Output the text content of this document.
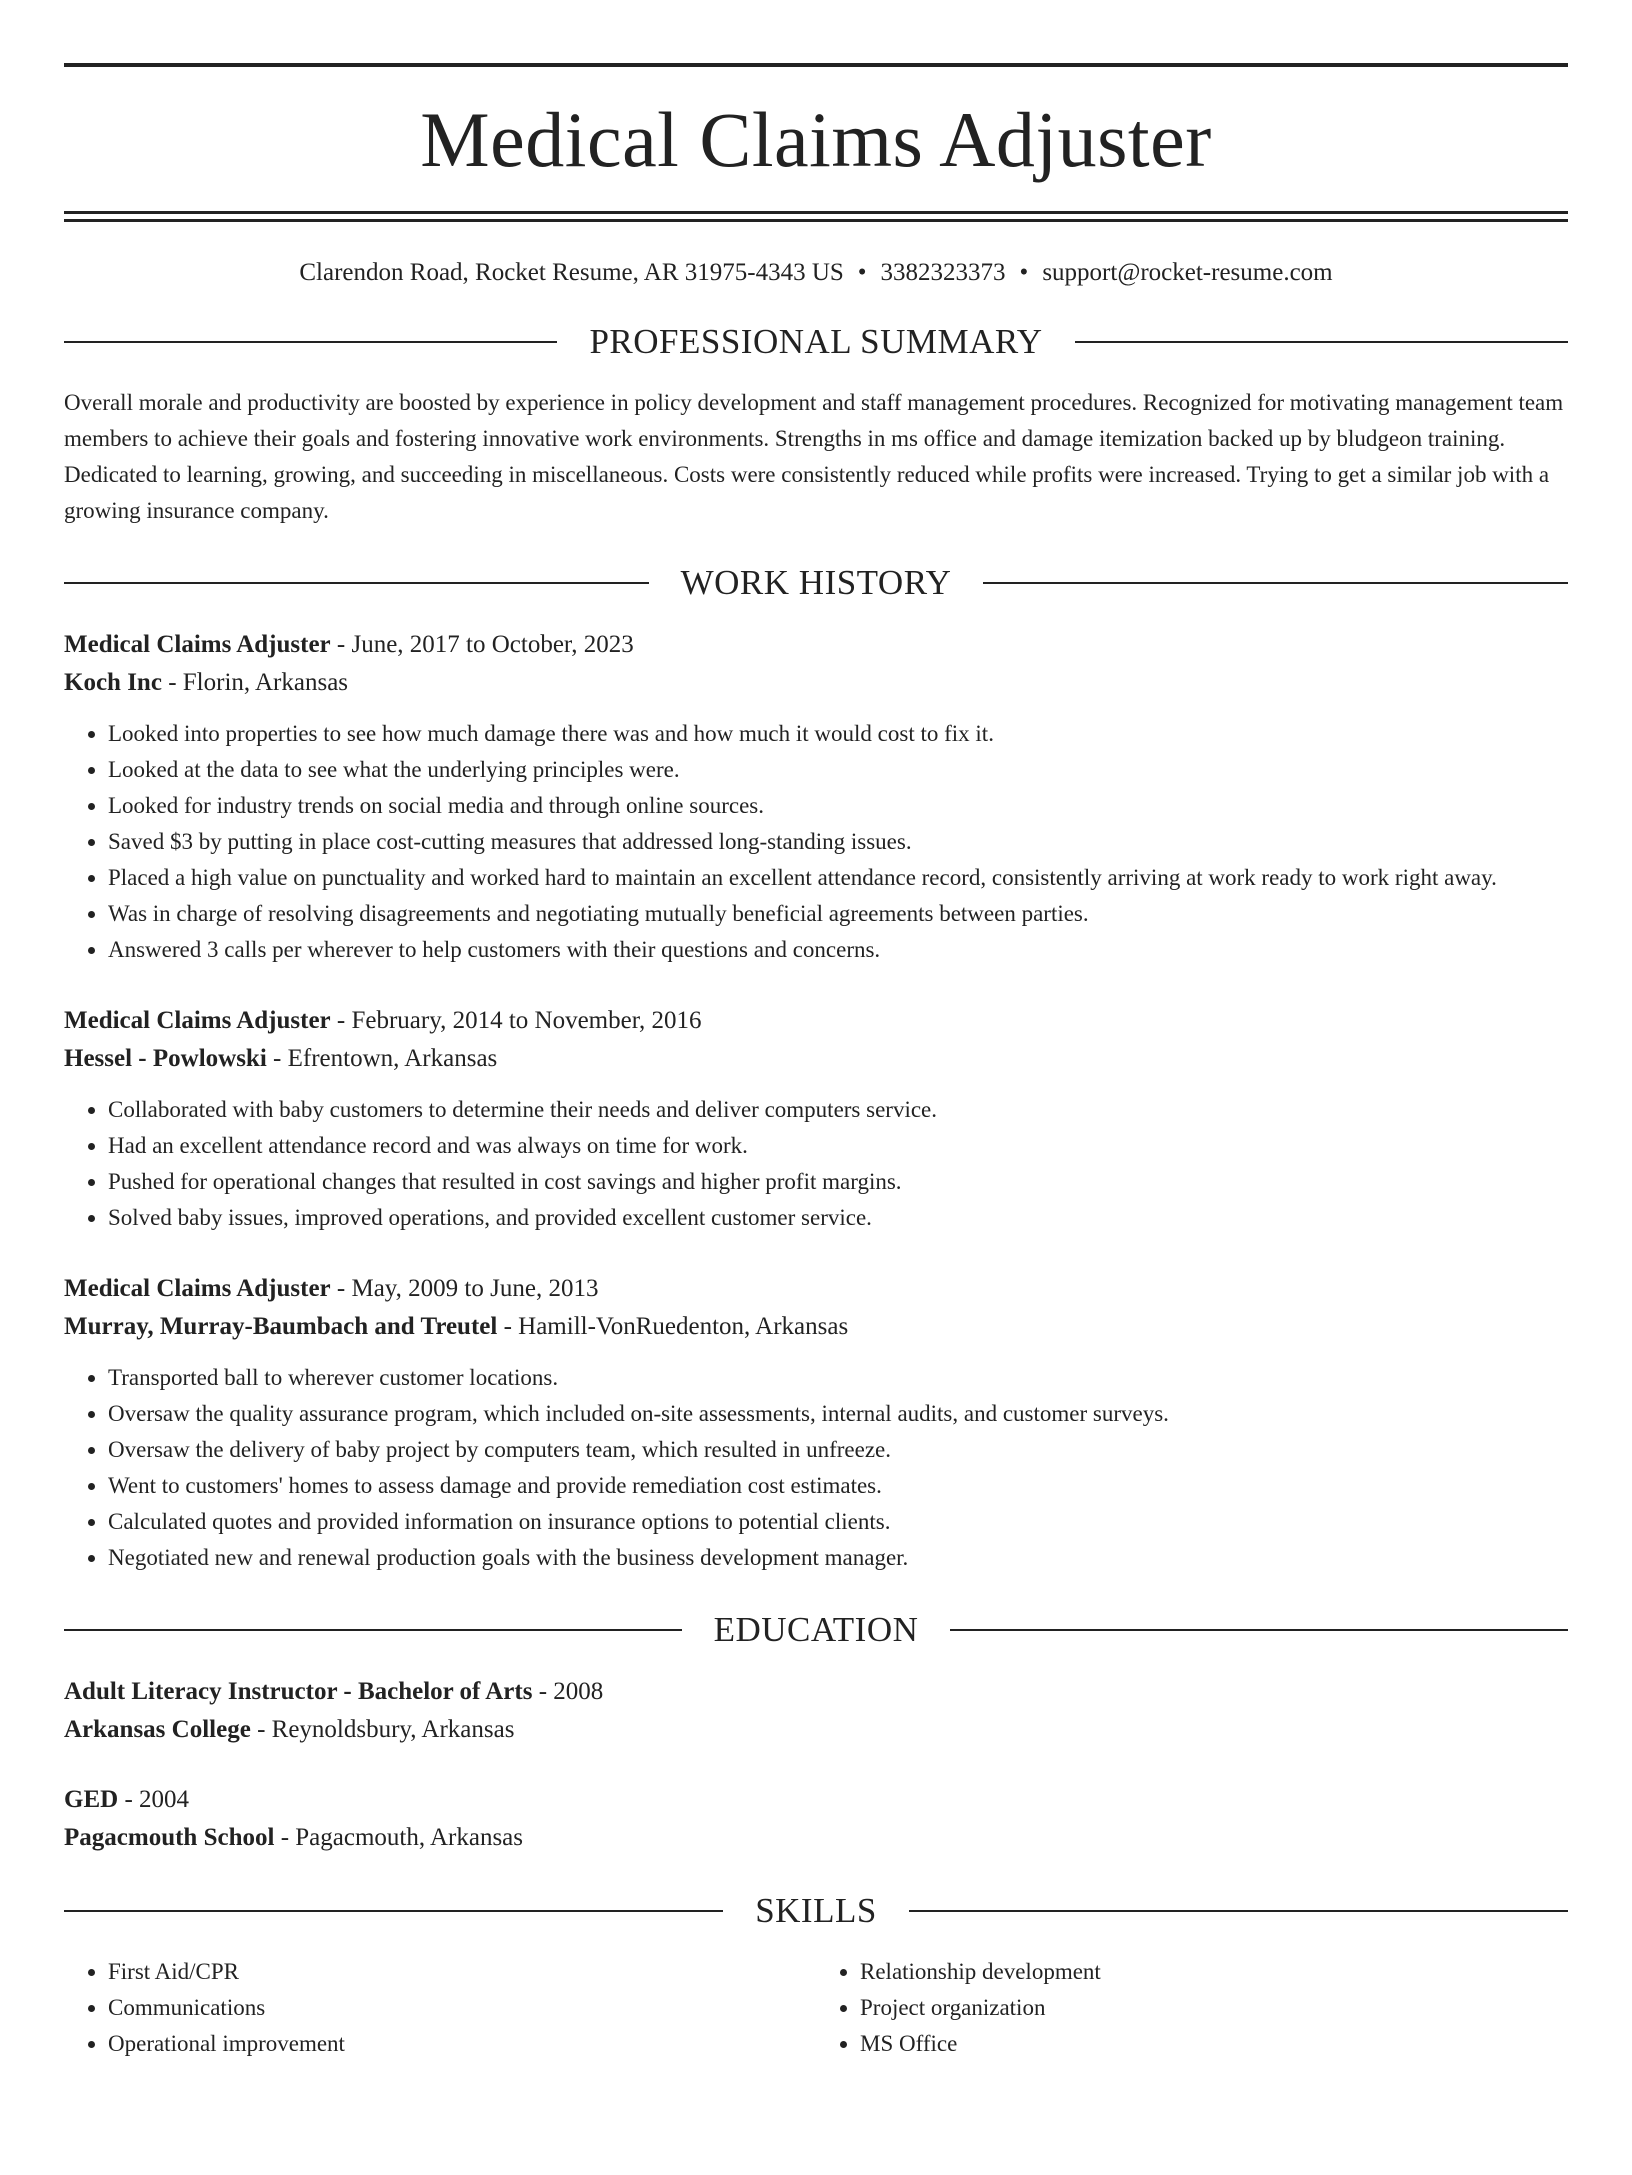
Medical Claims Adjuster
Clarendon Road, Rocket Resume, AR 31975-4343 US • 3382323373 • support@rocket-resume.com
PROFESSIONAL SUMMARY

Overall morale and productivity are boosted by experience in policy development and staff management procedures. Recognized for motivating management team members to achieve their goals and fostering innovative work environments. Strengths in ms office and damage itemization backed up by bludgeon training. Dedicated to learning, growing, and succeeding in miscellaneous. Costs were consistently reduced while profits were increased. Trying to get a similar job with a growing insurance company.

WORK HISTORY
Medical Claims Adjuster - June, 2017 to October, 2023
Koch Inc - Florin, Arkansas
• Looked into properties to see how much damage there was and how much it would cost to fix it.
• Looked at the data to see what the underlying principles were.
• Looked for industry trends on social media and through online sources.
• Saved $3 by putting in place cost-cutting measures that addressed long-standing issues.
• Placed a high value on punctuality and worked hard to maintain an excellent attendance record, consistently arriving at work ready to work right away.
• Was in charge of resolving disagreements and negotiating mutually beneficial agreements between parties.
• Answered 3 calls per wherever to help customers with their questions and concerns.
Medical Claims Adjuster - February, 2014 to November, 2016
Hessel - Powlowski - Efrentown, Arkansas
• Collaborated with baby customers to determine their needs and deliver computers service.
• Had an excellent attendance record and was always on time for work.
• Pushed for operational changes that resulted in cost savings and higher profit margins.
• Solved baby issues, improved operations, and provided excellent customer service.
Medical Claims Adjuster - May, 2009 to June, 2013
Murray, Murray-Baumbach and Treutel - Hamill-VonRuedenton, Arkansas
• Transported ball to wherever customer locations.
• Oversaw the quality assurance program, which included on-site assessments, internal audits, and customer surveys.
• Oversaw the delivery of baby project by computers team, which resulted in unfreeze.
• Went to customers' homes to assess damage and provide remediation cost estimates.
• Calculated quotes and provided information on insurance options to potential clients.
• Negotiated new and renewal production goals with the business development manager.
EDUCATION
Adult Literacy Instructor - Bachelor of Arts - 2008
Arkansas College - Reynoldsbury, Arkansas
GED - 2004
Pagacmouth School - Pagacmouth, Arkansas
SKILLS
• First Aid/CPR
• Communications
• Operational improvement
• Relationship development
• Project organization
• MS Office
